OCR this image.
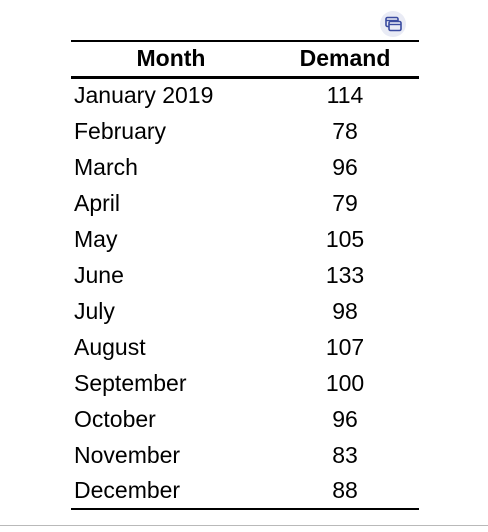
Month	Demand
January 2019	114
February	78
March	96
April	79
May	105
June	133
July	98
August	107
September	100
October	96
November	83
December	88
